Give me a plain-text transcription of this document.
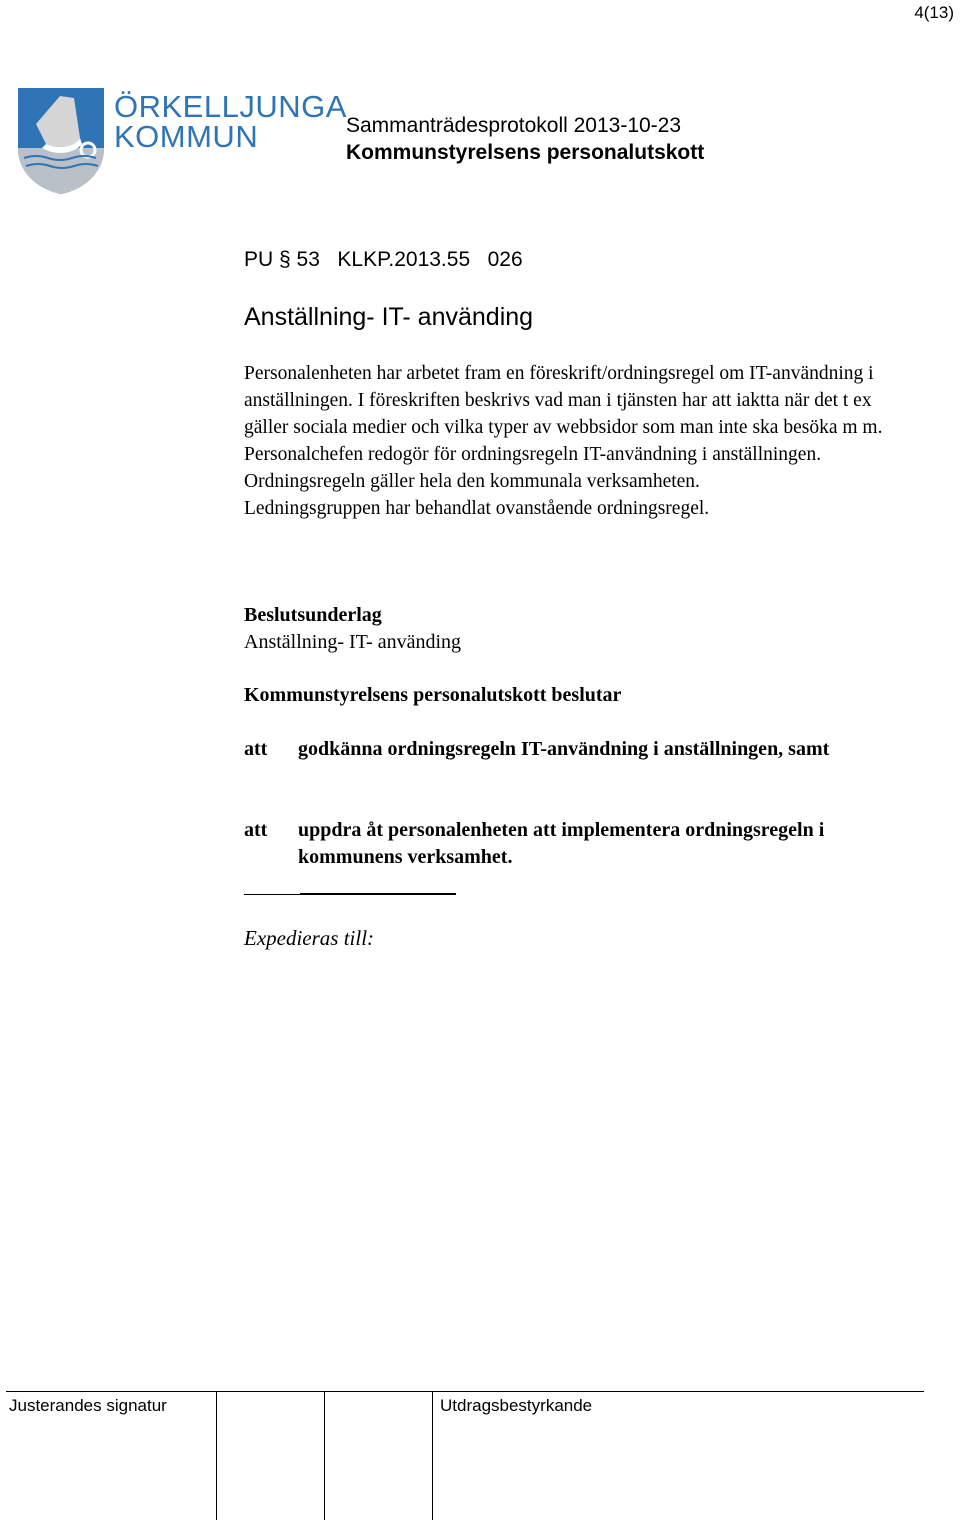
4(13)
ÖRKELLJUNGA
KOMMUN	Sammanträdesprotokoll 2013-10-23
Kommunstyrelsens personalutskott
PU § 53   KLKP.2013.55   026
Anställning- IT- använding

Personalenheten har arbetet fram en föreskrift/ordningsregel om IT-användning i anställningen. I föreskriften beskrivs vad man i tjänsten har att iaktta när det t ex gäller sociala medier och vilka typer av webbsidor som man inte ska besöka m m.

Personalchefen redogör för ordningsregeln IT-användning i anställningen.

Ordningsregeln gäller hela den kommunala verksamheten.

Ledningsgruppen har behandlat ovanstående ordningsregel.

Beslutsunderlag
Anställning- IT- använding
Kommunstyrelsens personalutskott beslutar
att godkänna ordningsregeln IT-användning i anställningen, samt
att uppdra åt personalenheten att implementera ordningsregeln i kommunens verksamhet.
Expedieras till:
Justerandes signatur	Utdragsbestyrkande
